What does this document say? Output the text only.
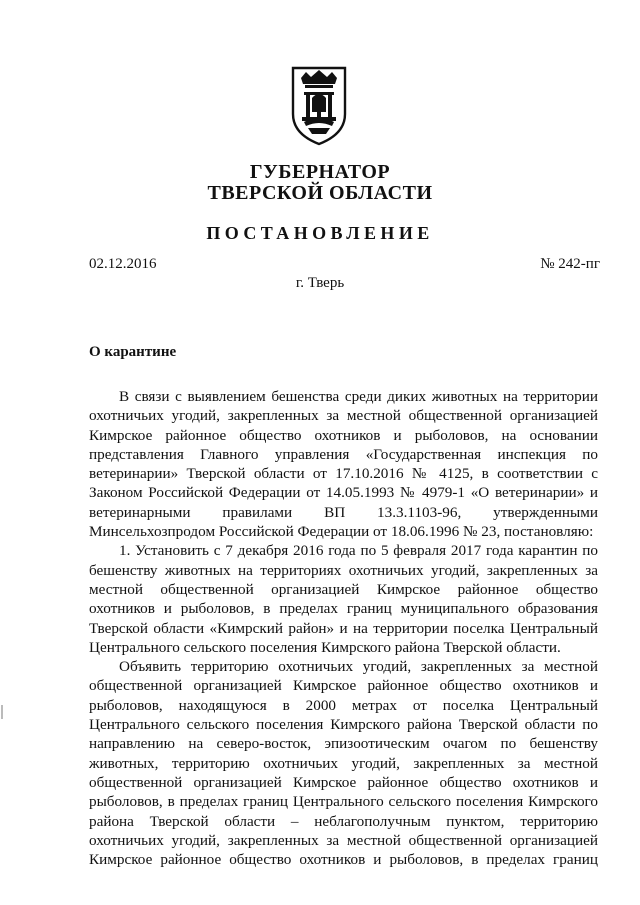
ГУБЕРНАТОР
ТВЕРСКОЙ ОБЛАСТИ
ПОСТАНОВЛЕНИЕ
02.12.2016	№ 242-пг
г. Тверь
О карантине

В связи с выявлением бешенства среди диких животных на территории охотничьих угодий, закрепленных за местной общественной организацией Кимрское районное общество охотников и рыболовов, на основании представления Главного управления «Государственная инспекция по ветеринарии» Тверской области от 17.10.2016 № 4125, в соответствии с Законом Российской Федерации от 14.05.1993 № 4979-1 «О ветеринарии» и ветеринарными правилами ВП 13.3.1103-96, утвержденными Минсельхозпродом Российской Федерации от 18.06.1996 № 23, постановляю:

1. Установить с 7 декабря 2016 года по 5 февраля 2017 года карантин по бешенству животных на территориях охотничьих угодий, закрепленных за местной общественной организацией Кимрское районное общество охотников и рыболовов, в пределах границ муниципального образования Тверской области «Кимрский район» и на территории поселка Центральный Центрального сельского поселения Кимрского района Тверской области.

Объявить территорию охотничьих угодий, закрепленных за местной общественной организацией Кимрское районное общество охотников и рыболовов, находящуюся в 2000 метрах от поселка Центральный Центрального сельского поселения Кимрского района Тверской области по направлению на северо-восток, эпизоотическим очагом по бешенству животных, территорию охотничьих угодий, закрепленных за местной общественной организацией Кимрское районное общество охотников и рыболовов, в пределах границ Центрального сельского поселения Кимрского района Тверской области – неблагополучным пунктом, территорию охотничьих угодий, закрепленных за местной общественной организацией Кимрское районное общество охотников и рыболовов, в пределах границ
